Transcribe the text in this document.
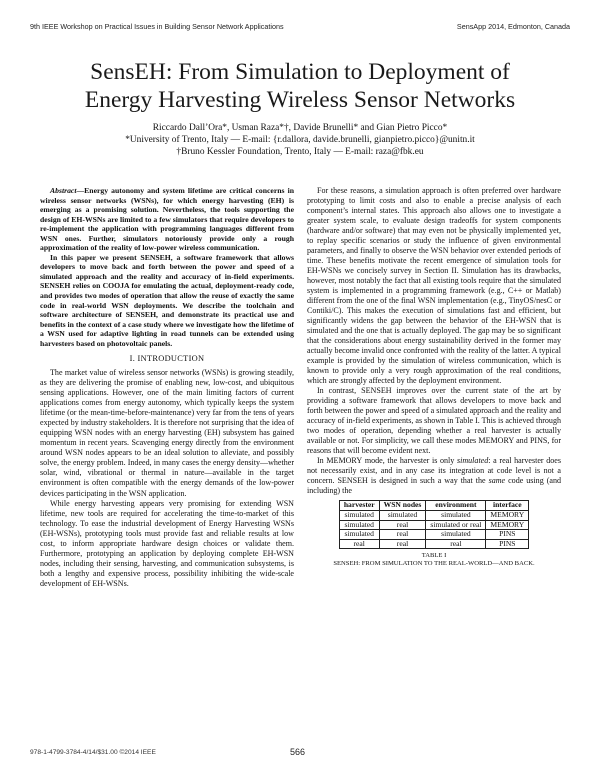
9th IEEE Workshop on Practical Issues in Building Sensor Network Applications	SensApp 2014, Edmonton, Canada
SensEH: From Simulation to Deployment of
Energy Harvesting Wireless Sensor Networks
Riccardo Dall’Ora*, Usman Raza*†, Davide Brunelli* and Gian Pietro Picco*
*University of Trento, Italy — E-mail: {r.dallora, davide.brunelli, gianpietro.picco}@unitn.it
†Bruno Kessler Foundation, Trento, Italy — E-mail: raza@fbk.eu

Abstract—Energy autonomy and system lifetime are critical concerns in wireless sensor networks (WSNs), for which energy harvesting (EH) is emerging as a promising solution. Nevertheless, the tools supporting the design of EH-WSNs are limited to a few simulators that require developers to re-implement the application with programming languages different from WSN ones. Further, simulators notoriously provide only a rough approximation of the reality of low-power wireless communication.

In this paper we present SENSEH, a software framework that allows developers to move back and forth between the power and speed of a simulated approach and the reality and accuracy of in-field experiments. SENSEH relies on COOJA for emulating the actual, deployment-ready code, and provides two modes of operation that allow the reuse of exactly the same code in real-world WSN deployments. We describe the toolchain and software architecture of SENSEH, and demonstrate its practical use and benefits in the context of a case study where we investigate how the lifetime of a WSN used for adaptive lighting in road tunnels can be extended using harvesters based on photovoltaic panels.

I. INTRODUCTION

The market value of wireless sensor networks (WSNs) is growing steadily, as they are delivering the promise of enabling new, low-cost, and ubiquitous sensing applications. However, one of the main limiting factors of current applications comes from energy autonomy, which typically keeps the system lifetime (or the mean-time-before-maintenance) very far from the tens of years expected by industry stakeholders. It is therefore not surprising that the idea of equipping WSN nodes with an energy harvesting (EH) subsystem has gained momentum in recent years. Scavenging energy directly from the environment around WSN nodes appears to be an ideal solution to alleviate, and possibly solve, the energy problem. Indeed, in many cases the energy density—whether solar, wind, vibrational or thermal in nature—available in the target environment is often compatible with the energy demands of the low-power devices participating in the WSN application.

While energy harvesting appears very promising for extending WSN lifetime, new tools are required for accelerating the time-to-market of this technology. To ease the industrial development of Energy Harvesting WSNs (EH-WSNs), prototyping tools must provide fast and reliable results at low cost, to inform appropriate hardware design choices or validate them. Furthermore, prototyping an application by deploying complete EH-WSN nodes, including their sensing, harvesting, and communication subsystems, is both a lengthy and expensive process, possibility inhibiting the wide-scale development of EH-WSNs.

For these reasons, a simulation approach is often preferred over hardware prototyping to limit costs and also to enable a precise analysis of each component’s internal states. This approach also allows one to investigate a greater system scale, to evaluate design tradeoffs for system components (hardware and/or software) that may even not be physically implemented yet, to replay specific scenarios or study the influence of given environmental parameters, and finally to observe the WSN behavior over extended periods of time. These benefits motivate the recent emergence of simulation tools for EH-WSNs we concisely survey in Section II. Simulation has its drawbacks, however, most notably the fact that all existing tools require that the simulated system is implemented in a programming framework (e.g., C++ or Matlab) different from the one of the final WSN implementation (e.g., TinyOS/nesC or Contiki/C). This makes the execution of simulations fast and efficient, but significantly widens the gap between the behavior of the EH-WSN that is simulated and the one that is actually deployed. The gap may be so significant that the considerations about energy sustainability derived in the former may actually become invalid once confronted with the reality of the latter. A typical example is provided by the simulation of wireless communication, which is known to provide only a very rough approximation of the real conditions, which are strongly affected by the deployment environment.

In contrast, SENSEH improves over the current state of the art by providing a software framework that allows developers to move back and forth between the power and speed of a simulated approach and the reality and accuracy of in-field experiments, as shown in Table I. This is achieved through two modes of operation, depending whether a real harvester is actually available or not. For simplicity, we call these modes MEMORY and PINS, for reasons that will become evident next.

In MEMORY mode, the harvester is only simulated: a real harvester does not necessarily exist, and in any case its integration at code level is not a concern. SENSEH is designed in such a way that the same code using (and including) the

harvester	WSN nodes	environment	interface
simulated	simulated	simulated	MEMORY
simulated	real	simulated or real	MEMORY
simulated	real	simulated	PINS
real	real	real	PINS
TABLE I
SENSEH: FROM SIMULATION TO THE REAL-WORLD—AND BACK.
978-1-4799-3784-4/14/$31.00 ©2014 IEEE	566
